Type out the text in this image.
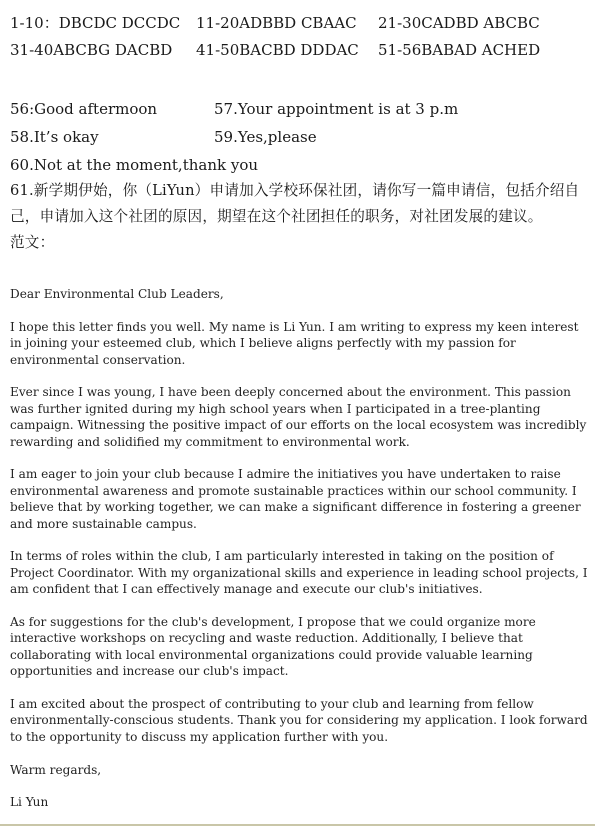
1-10：DBCDC DCCDC 11-20ADBBD CBAAC 21-30CADBD ABCBC
31-40ABCBG DACBD 41-50BACBD DDDAC 51-56BABAD ACHED
56:Good aftermoon	57.Your appointment is at 3 p.m
58.It’s okay	59.Yes,please
60.Not at the moment,thank you
61.新学期伊始，你（LiYun）申请加入学校环保社团，请你写一篇申请信，包括介绍自己，申请加入这个社团的原因，期望在这个社团担任的职务，对社团发展的建议。
范文：

Dear Environmental Club Leaders,

I hope this letter finds you well. My name is Li Yun. I am writing to express my keen interest in joining your esteemed club, which I believe aligns perfectly with my passion for environmental conservation.

Ever since I was young, I have been deeply concerned about the environment. This passion was further ignited during my high school years when I participated in a tree-planting campaign. Witnessing the positive impact of our efforts on the local ecosystem was incredibly rewarding and solidified my commitment to environmental work.

I am eager to join your club because I admire the initiatives you have undertaken to raise environmental awareness and promote sustainable practices within our school community. I believe that by working together, we can make a significant difference in fostering a greener and more sustainable campus.

In terms of roles within the club, I am particularly interested in taking on the position of Project Coordinator. With my organizational skills and experience in leading school projects, I am confident that I can effectively manage and execute our club's initiatives.

As for suggestions for the club's development, I propose that we could organize more interactive workshops on recycling and waste reduction. Additionally, I believe that collaborating with local environmental organizations could provide valuable learning opportunities and increase our club's impact.

I am excited about the prospect of contributing to your club and learning from fellow environmentally-conscious students. Thank you for considering my application. I look forward to the opportunity to discuss my application further with you.

Warm regards,

Li Yun
